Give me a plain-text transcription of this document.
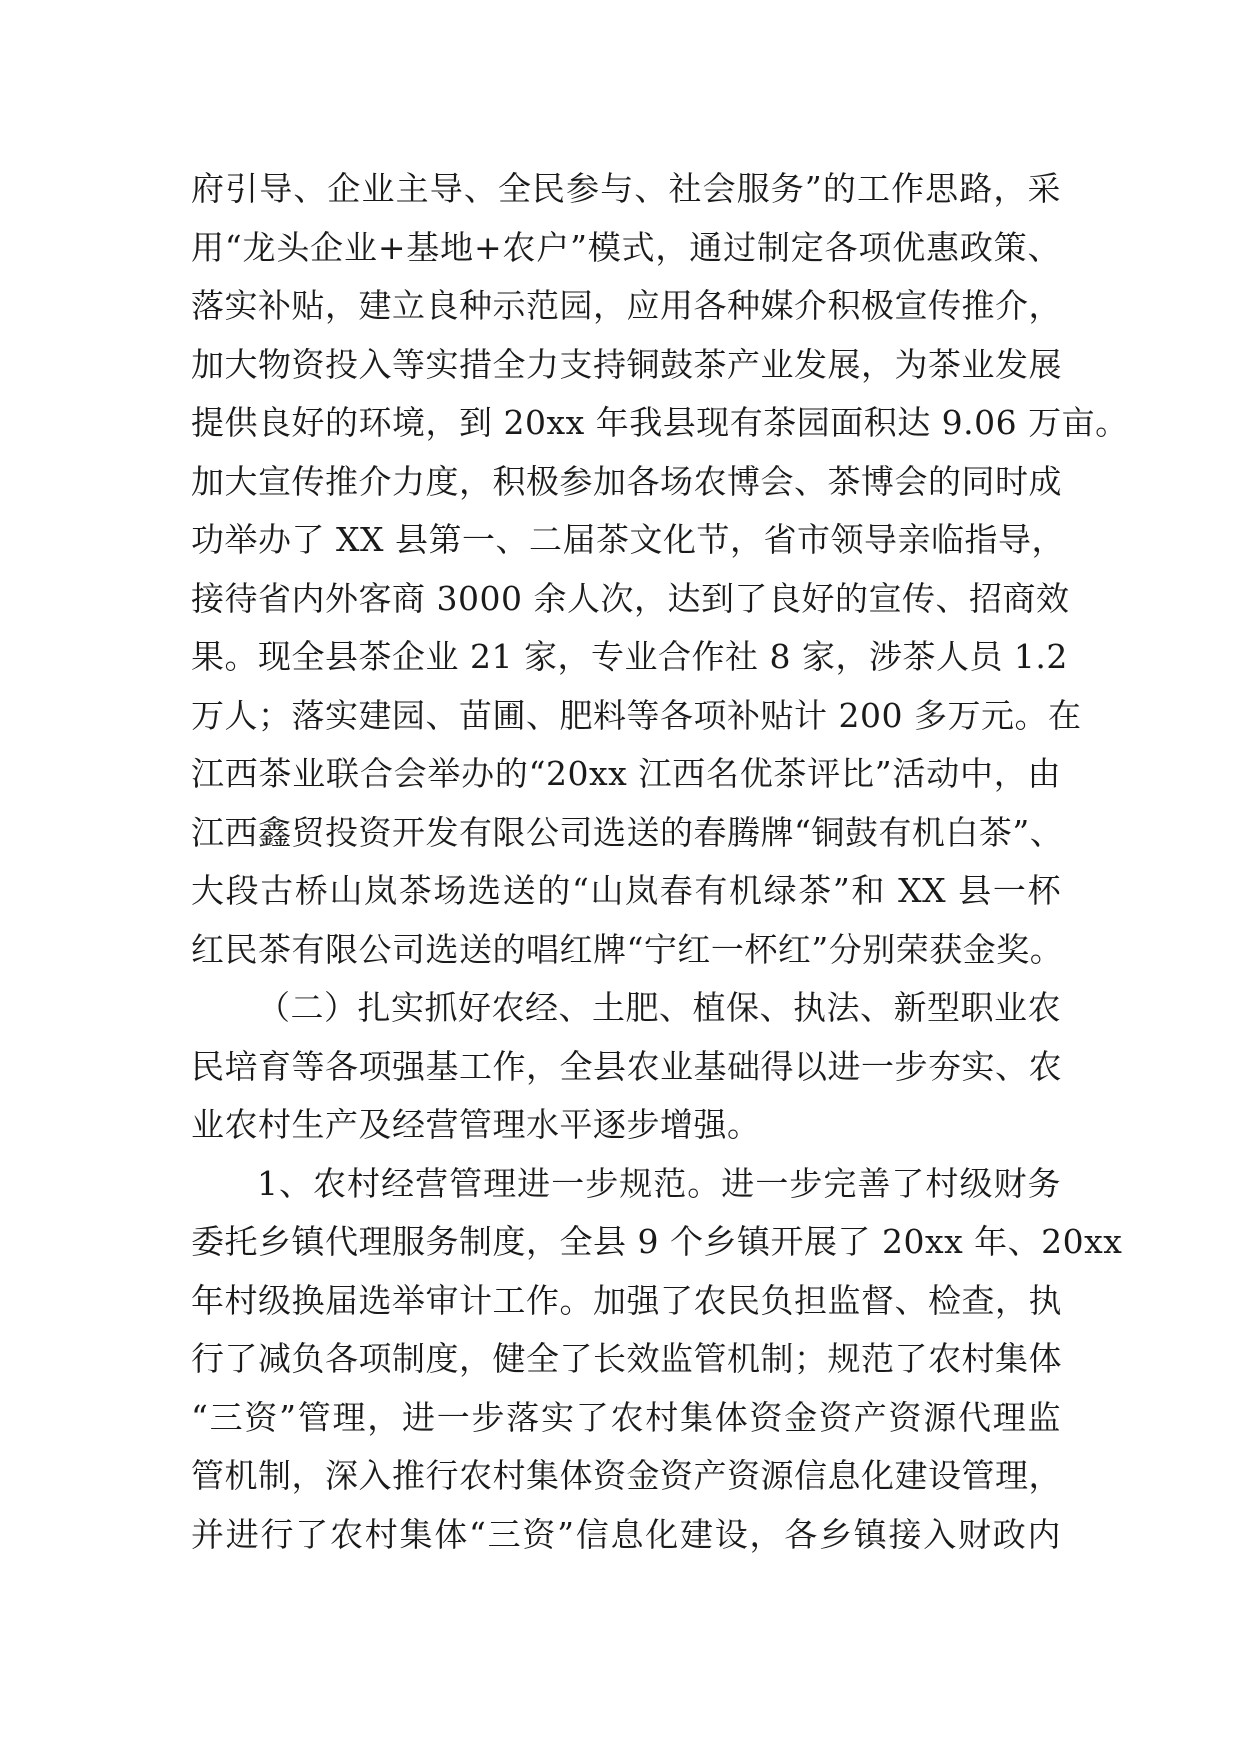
府引导、企业主导、全民参与、社会服务”的工作思路，采
用“龙头企业+基地+农户”模式，通过制定各项优惠政策、
落实补贴，建立良种示范园，应用各种媒介积极宣传推介，
加大物资投入等实措全力支持铜鼓茶产业发展，为茶业发展
提供良好的环境，到 20xx 年我县现有茶园面积达 9.06 万亩。
加大宣传推介力度，积极参加各场农博会、茶博会的同时成
功举办了 XX 县第一、二届茶文化节，省市领导亲临指导，
接待省内外客商 3000 余人次，达到了良好的宣传、招商效
果。现全县茶企业 21 家，专业合作社 8 家，涉茶人员 1.2
万人；落实建园、苗圃、肥料等各项补贴计 200 多万元。在
江西茶业联合会举办的“20xx 江西名优茶评比”活动中，由
江西鑫贸投资开发有限公司选送的春腾牌“铜鼓有机白茶”、
大段古桥山岚茶场选送的“山岚春有机绿茶”和 XX 县一杯
红民茶有限公司选送的唱红牌“宁红一杯红”分别荣获金奖。
（二）扎实抓好农经、土肥、植保、执法、新型职业农
民培育等各项强基工作，全县农业基础得以进一步夯实、农
业农村生产及经营管理水平逐步增强。
1、农村经营管理进一步规范。进一步完善了村级财务
委托乡镇代理服务制度，全县 9 个乡镇开展了 20xx 年、20xx
年村级换届选举审计工作。加强了农民负担监督、检查，执
行了减负各项制度，健全了长效监管机制；规范了农村集体
“三资”管理，进一步落实了农村集体资金资产资源代理监
管机制，深入推行农村集体资金资产资源信息化建设管理，
并进行了农村集体“三资”信息化建设，各乡镇接入财政内
